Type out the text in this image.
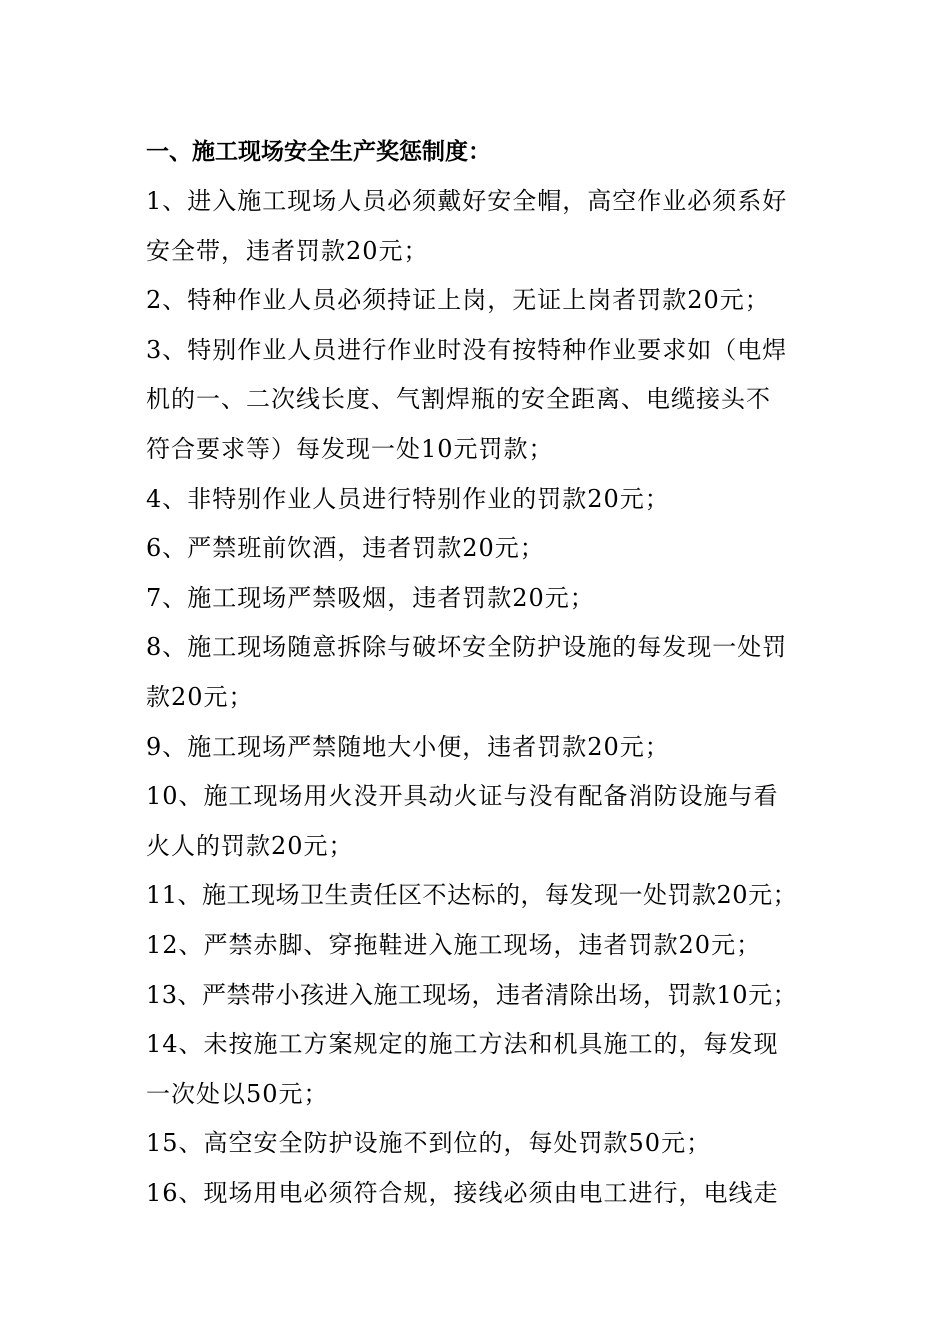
一、施工现场安全生产奖惩制度：
1、进入施工现场人员必须戴好安全帽，高空作业必须系好
安全带，违者罚款20元；
2、特种作业人员必须持证上岗，无证上岗者罚款20元；
3、特别作业人员进行作业时没有按特种作业要求如（电焊
机的一、二次线长度、气割焊瓶的安全距离、电缆接头不
符合要求等）每发现一处10元罚款；
4、非特别作业人员进行特别作业的罚款20元；
6、严禁班前饮酒，违者罚款20元；
7、施工现场严禁吸烟，违者罚款20元；
8、施工现场随意拆除与破坏安全防护设施的每发现一处罚
款20元；
9、施工现场严禁随地大小便，违者罚款20元；
10、施工现场用火没开具动火证与没有配备消防设施与看
火人的罚款20元；
11、施工现场卫生责任区不达标的，每发现一处罚款20元；
12、严禁赤脚、穿拖鞋进入施工现场，违者罚款20元；
13、严禁带小孩进入施工现场，违者清除出场，罚款10元；
14、未按施工方案规定的施工方法和机具施工的，每发现
一次处以50元；
15、高空安全防护设施不到位的，每处罚款50元；
16、现场用电必须符合规，接线必须由电工进行，电线走
